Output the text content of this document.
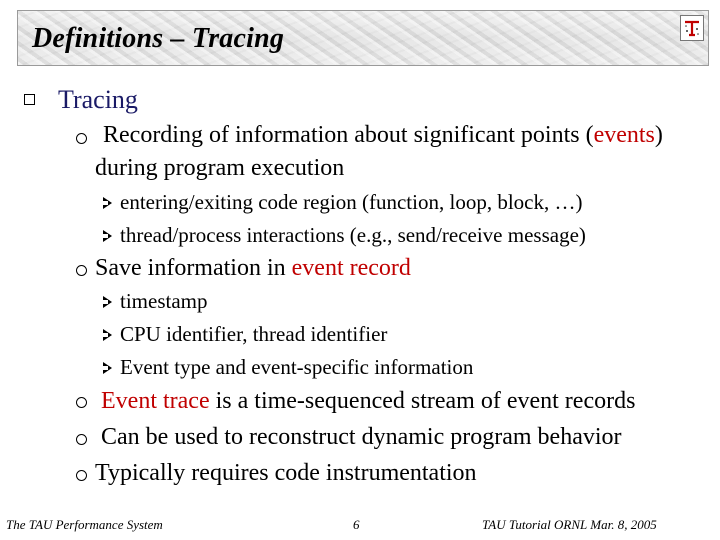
Definitions – Tracing
Tracing
Recording of information about significant points (events)
during program execution
entering/exiting code region (function, loop, block, …)
thread/process interactions (e.g., send/receive message)
Save information in event record
timestamp
CPU identifier, thread identifier
Event type and event-specific information
Event trace is a time-sequenced stream of event records
Can be used to reconstruct dynamic program behavior
Typically requires code instrumentation
The TAU Performance System	6	TAU Tutorial ORNL Mar. 8, 2005
